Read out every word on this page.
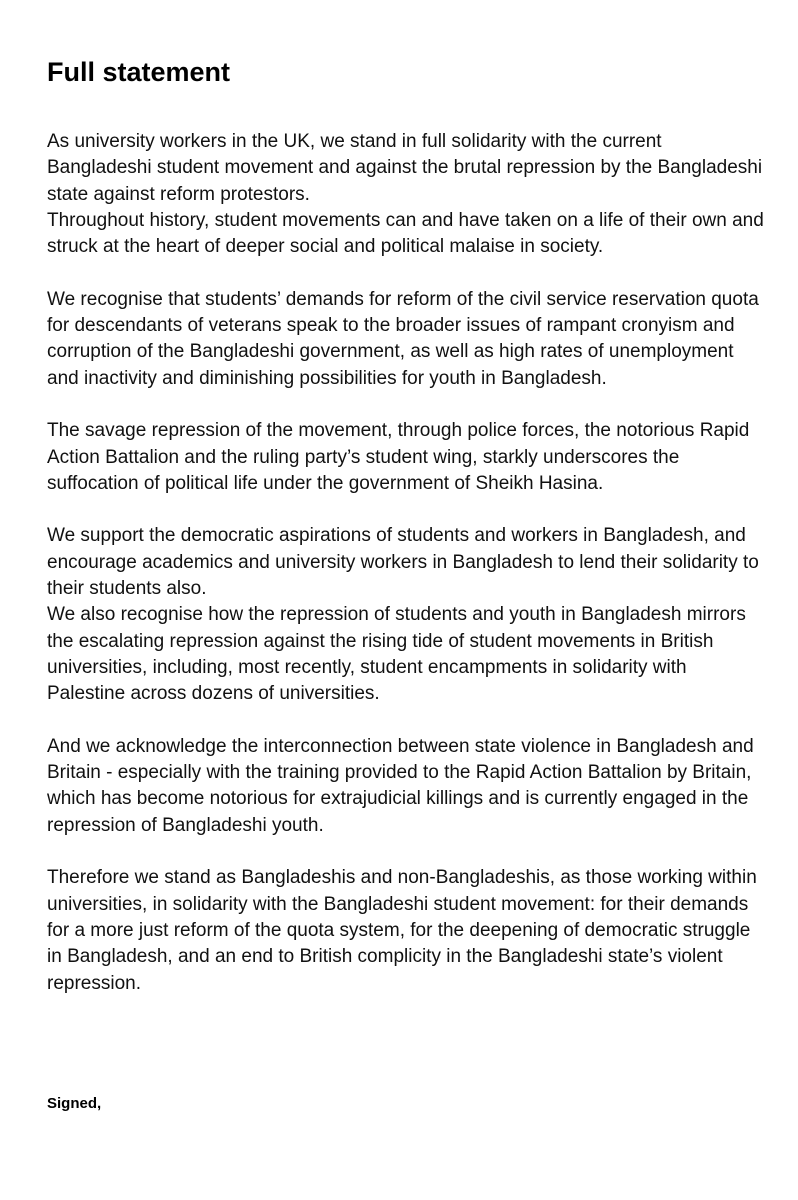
Full statement
As university workers in the UK, we stand in full solidarity with the current Bangladeshi student movement and against the brutal repression by the Bangladeshi state against reform protestors.
Throughout history, student movements can and have taken on a life of their own and struck at the heart of deeper social and political malaise in society.
We recognise that students’ demands for reform of the civil service reservation quota for descendants of veterans speak to the broader issues of rampant cronyism and corruption of the Bangladeshi government, as well as high rates of unemployment and inactivity and diminishing possibilities for youth in Bangladesh.
The savage repression of the movement, through police forces, the notorious Rapid Action Battalion and the ruling party’s student wing, starkly underscores the suffocation of political life under the government of Sheikh Hasina.
We support the democratic aspirations of students and workers in Bangladesh, and encourage academics and university workers in Bangladesh to lend their solidarity to their students also.
We also recognise how the repression of students and youth in Bangladesh mirrors the escalating repression against the rising tide of student movements in British universities, including, most recently, student encampments in solidarity with Palestine across dozens of universities.
And we acknowledge the interconnection between state violence in Bangladesh and Britain - especially with the training provided to the Rapid Action Battalion by Britain, which has become notorious for extrajudicial killings and is currently engaged in the repression of Bangladeshi youth.
Therefore we stand as Bangladeshis and non-Bangladeshis, as those working within universities, in solidarity with the Bangladeshi student movement: for their demands for a more just reform of the quota system, for the deepening of democratic struggle in Bangladesh, and an end to British complicity in the Bangladeshi state’s violent repression.
Signed,
